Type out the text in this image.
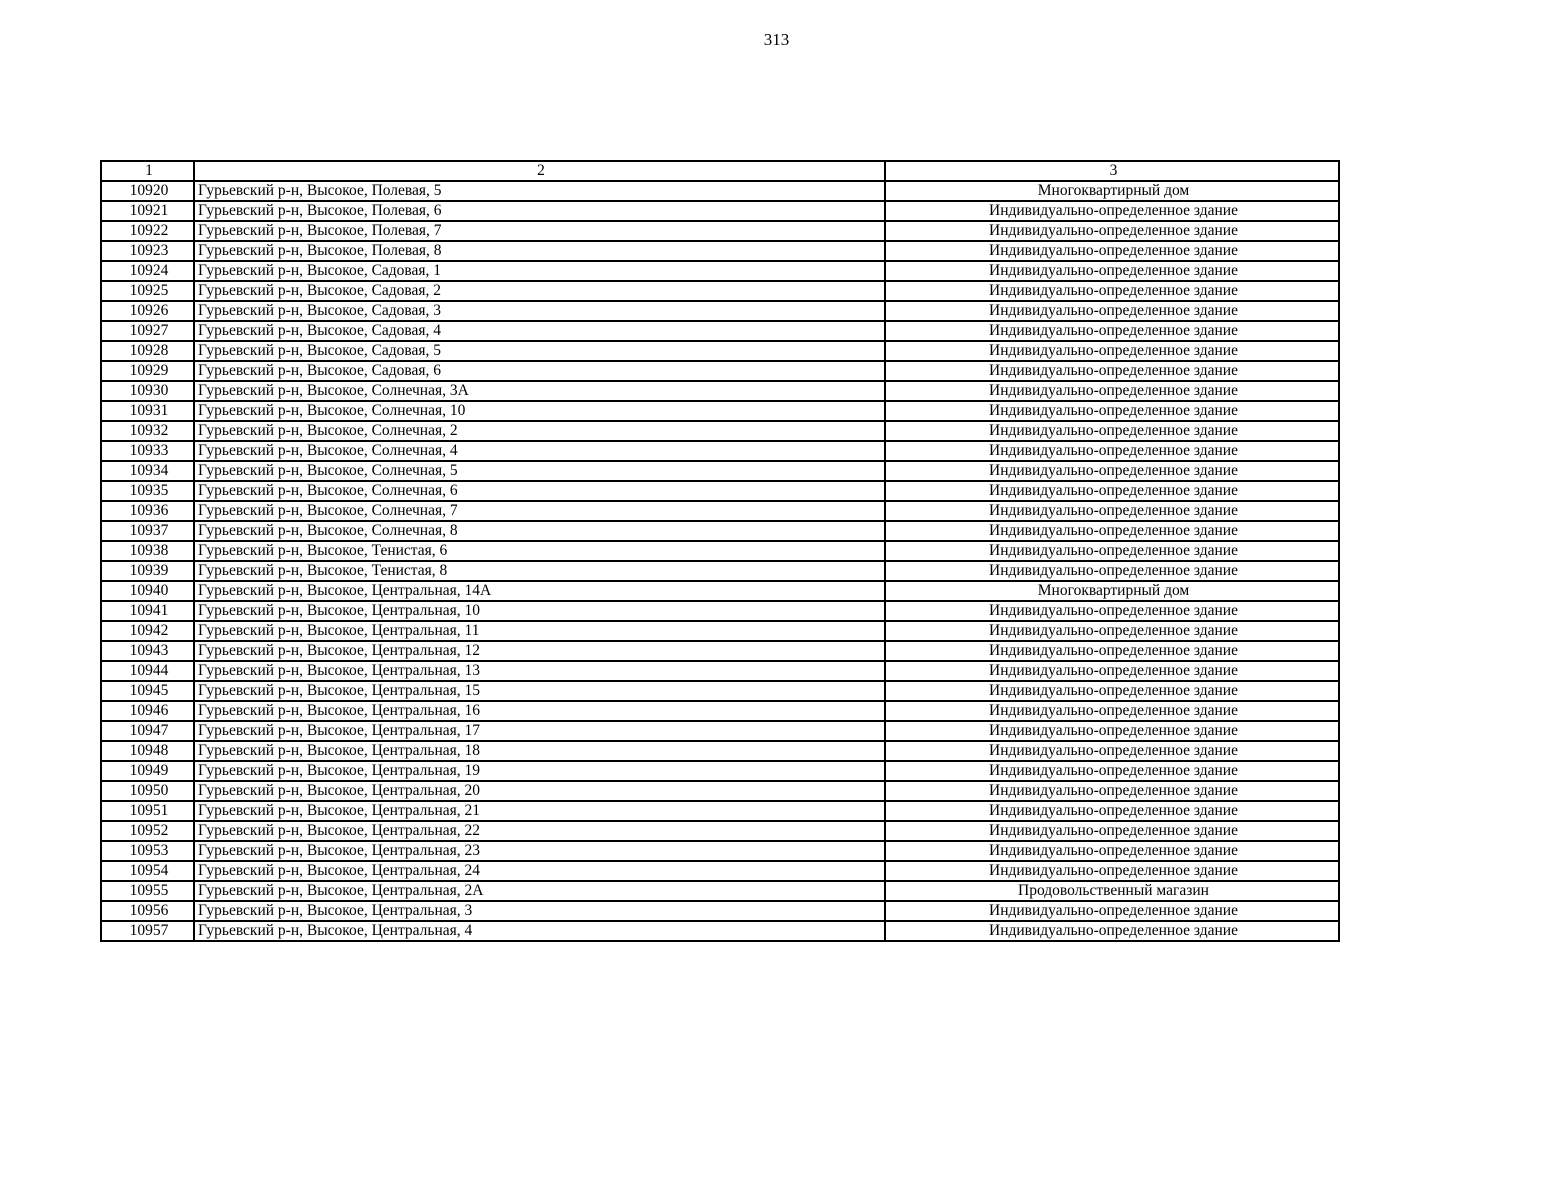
313
1	2	3
10920	Гурьевский р-н, Высокое, Полевая, 5	Многоквартирный дом
10921	Гурьевский р-н, Высокое, Полевая, 6	Индивидуально-определенное здание
10922	Гурьевский р-н, Высокое, Полевая, 7	Индивидуально-определенное здание
10923	Гурьевский р-н, Высокое, Полевая, 8	Индивидуально-определенное здание
10924	Гурьевский р-н, Высокое, Садовая, 1	Индивидуально-определенное здание
10925	Гурьевский р-н, Высокое, Садовая, 2	Индивидуально-определенное здание
10926	Гурьевский р-н, Высокое, Садовая, 3	Индивидуально-определенное здание
10927	Гурьевский р-н, Высокое, Садовая, 4	Индивидуально-определенное здание
10928	Гурьевский р-н, Высокое, Садовая, 5	Индивидуально-определенное здание
10929	Гурьевский р-н, Высокое, Садовая, 6	Индивидуально-определенное здание
10930	Гурьевский р-н, Высокое, Солнечная, 3А	Индивидуально-определенное здание
10931	Гурьевский р-н, Высокое, Солнечная, 10	Индивидуально-определенное здание
10932	Гурьевский р-н, Высокое, Солнечная, 2	Индивидуально-определенное здание
10933	Гурьевский р-н, Высокое, Солнечная, 4	Индивидуально-определенное здание
10934	Гурьевский р-н, Высокое, Солнечная, 5	Индивидуально-определенное здание
10935	Гурьевский р-н, Высокое, Солнечная, 6	Индивидуально-определенное здание
10936	Гурьевский р-н, Высокое, Солнечная, 7	Индивидуально-определенное здание
10937	Гурьевский р-н, Высокое, Солнечная, 8	Индивидуально-определенное здание
10938	Гурьевский р-н, Высокое, Тенистая, 6	Индивидуально-определенное здание
10939	Гурьевский р-н, Высокое, Тенистая, 8	Индивидуально-определенное здание
10940	Гурьевский р-н, Высокое, Центральная, 14А	Многоквартирный дом
10941	Гурьевский р-н, Высокое, Центральная, 10	Индивидуально-определенное здание
10942	Гурьевский р-н, Высокое, Центральная, 11	Индивидуально-определенное здание
10943	Гурьевский р-н, Высокое, Центральная, 12	Индивидуально-определенное здание
10944	Гурьевский р-н, Высокое, Центральная, 13	Индивидуально-определенное здание
10945	Гурьевский р-н, Высокое, Центральная, 15	Индивидуально-определенное здание
10946	Гурьевский р-н, Высокое, Центральная, 16	Индивидуально-определенное здание
10947	Гурьевский р-н, Высокое, Центральная, 17	Индивидуально-определенное здание
10948	Гурьевский р-н, Высокое, Центральная, 18	Индивидуально-определенное здание
10949	Гурьевский р-н, Высокое, Центральная, 19	Индивидуально-определенное здание
10950	Гурьевский р-н, Высокое, Центральная, 20	Индивидуально-определенное здание
10951	Гурьевский р-н, Высокое, Центральная, 21	Индивидуально-определенное здание
10952	Гурьевский р-н, Высокое, Центральная, 22	Индивидуально-определенное здание
10953	Гурьевский р-н, Высокое, Центральная, 23	Индивидуально-определенное здание
10954	Гурьевский р-н, Высокое, Центральная, 24	Индивидуально-определенное здание
10955	Гурьевский р-н, Высокое, Центральная, 2А	Продовольственный магазин
10956	Гурьевский р-н, Высокое, Центральная, 3	Индивидуально-определенное здание
10957	Гурьевский р-н, Высокое, Центральная, 4	Индивидуально-определенное здание
